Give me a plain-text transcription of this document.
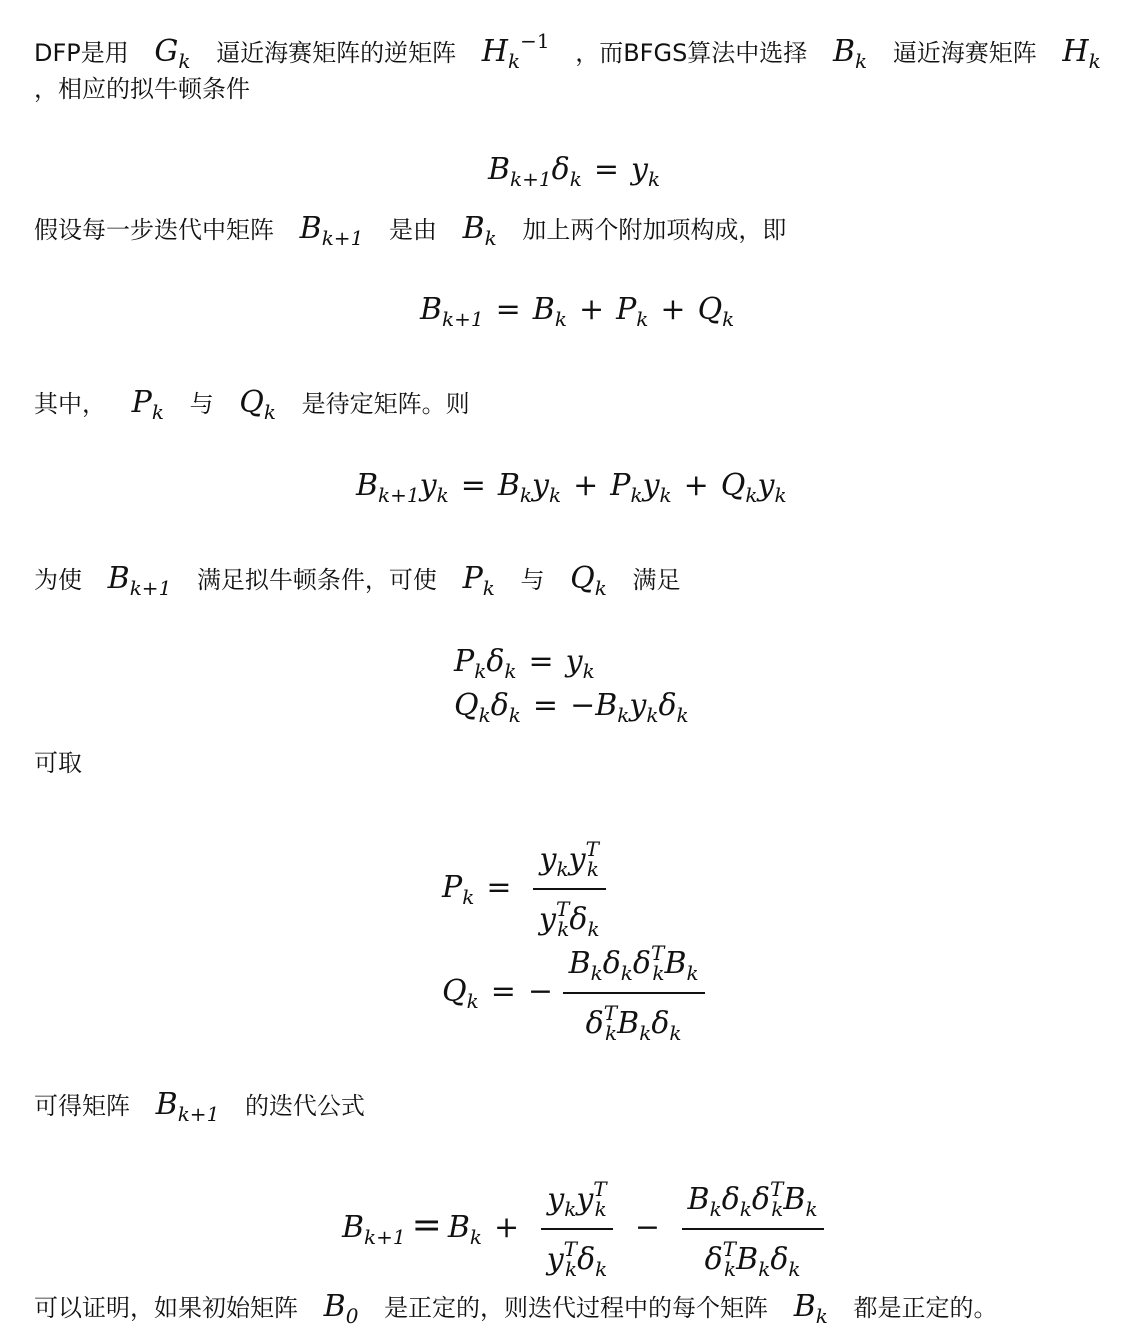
DFP是用 $G_k$ 逼近海赛矩阵的逆矩阵 $H_k^{-1}$ ，而BFGS算法中选择 $B_k$ 逼近海赛矩阵 $H_k$
，相应的拟牛顿条件
$B_{k+1}\delta_k = y_k$
假设每一步迭代中矩阵 $B_{k+1}$ 是由 $B_k$ 加上两个附加项构成，即
$B_{k+1} = B_k + P_k + Q_k$
其中， $P_k$ 与 $Q_k$ 是待定矩阵。则
$B_{k+1}y_k = B_ky_k + P_ky_k + Q_ky_k$
为使 $B_{k+1}$ 满足拟牛顿条件，可使 $P_k$ 与 $Q_k$ 满足
$P_k\delta_k = y_k$
$Q_k\delta_k = -B_ky_k\delta_k$
可取
$P_k = \frac{y_ky^T_k}{y^T_k\delta_k}$
$Q_k$ = − $\frac{B_k\delta_k\delta^T_kB_k}{\delta^T_kB_k\delta_k}$
可得矩阵 $B_{k+1}$ 的迭代公式
$B_{k+1} = B_k + \frac{y_ky^T_k}{y^T_k\delta_k} - \frac{B_k\delta_k\delta^T_kB_k}{\delta^T_kB_k\delta_k}$
可以证明，如果初始矩阵 $B_0$ 是正定的，则迭代过程中的每个矩阵 $B_k$ 都是正定的。
